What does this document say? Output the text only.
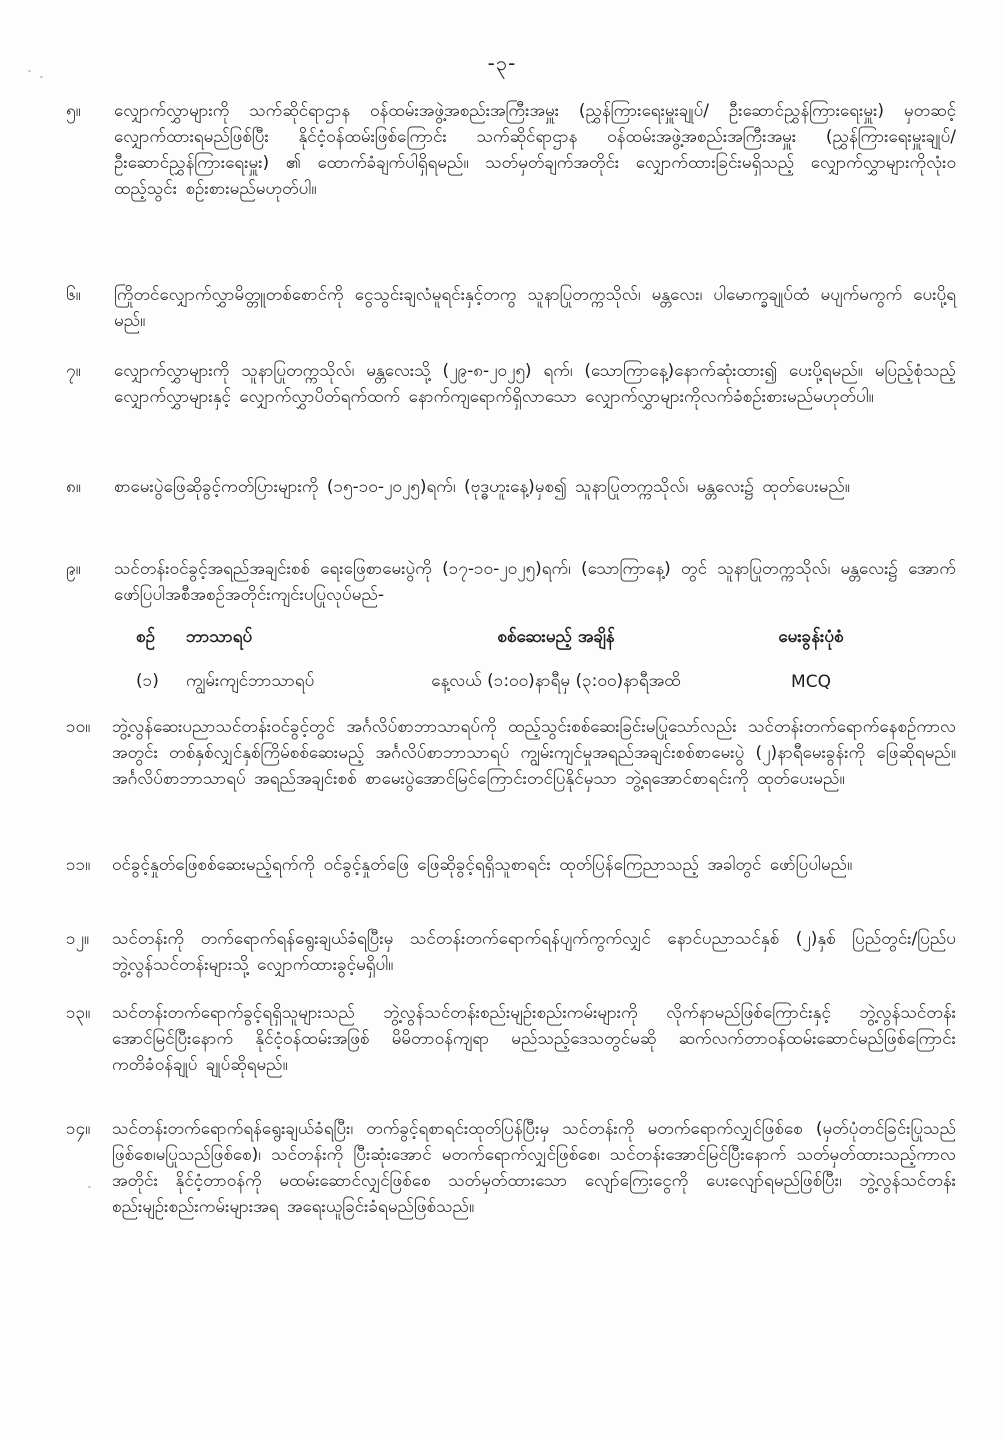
-၃-
၅။	လျှောက်လွှာများကို သက်ဆိုင်ရာဌာန ဝန်ထမ်းအဖွဲ့အစည်းအကြီးအမှူး (ညွှန်ကြားရေးမှူးချုပ်/ ဦးဆောင်ညွှန်ကြားရေးမှူး) မှတဆင့် လျှောက်ထားရမည်ဖြစ်ပြီး နိုင်ငံ့ဝန်ထမ်းဖြစ်ကြောင်း သက်ဆိုင်ရာဌာန ဝန်ထမ်းအဖွဲ့အစည်းအကြီးအမှူး (ညွှန်ကြားရေးမှူးချုပ်/ ဦးဆောင်ညွှန်ကြားရေးမှူး) ၏ ထောက်ခံချက်ပါရှိရမည်။ သတ်မှတ်ချက်အတိုင်း လျှောက်ထားခြင်းမရှိသည့် လျှောက်လွှာများကိုလုံးဝထည့်သွင်း စဉ်းစားမည်မဟုတ်ပါ။
၆။	ကြိုတင်လျှောက်လွှာမိတ္တူတစ်စောင်ကို ငွေသွင်းချလံမူရင်းနှင့်တကွ သူနာပြုတက္ကသိုလ်၊ မန္တလေး၊ ပါမောက္ခချုပ်ထံ မပျက်မကွက် ပေးပို့ရမည်။
၇။	လျှောက်လွှာများကို သူနာပြုတက္ကသိုလ်၊ မန္တလေးသို့ (၂၉-၈-၂၀၂၅) ရက်၊ (သောကြာနေ့)နောက်ဆုံးထား၍ ပေးပို့ရမည်။ မပြည့်စုံသည့်လျှောက်လွှာများနှင့် လျှောက်လွှာပိတ်ရက်ထက် နောက်ကျရောက်ရှိလာသော လျှောက်လွှာများကိုလက်ခံစဉ်းစားမည်မဟုတ်ပါ။
၈။	စာမေးပွဲဖြေဆိုခွင့်ကတ်ပြားများကို (၁၅-၁၀-၂၀၂၅)ရက်၊ (ဗုဒ္ဓဟူးနေ့)မှစ၍ သူနာပြုတက္ကသိုလ်၊ မန္တလေး၌ ထုတ်ပေးမည်။
၉။	သင်တန်းဝင်ခွင့်အရည်အချင်းစစ် ရေးဖြေစာမေးပွဲကို (၁၇-၁၀-၂၀၂၅)ရက်၊ (သောကြာနေ့) တွင် သူနာပြုတက္ကသိုလ်၊ မန္တလေး၌ အောက်ဖော်ပြပါအစီအစဉ်အတိုင်းကျင်းပပြုလုပ်မည်-
စဉ်	ဘာသာရပ်	စစ်ဆေးမည့် အချိန်	မေးခွန်းပုံစံ
(၁)	ကျွမ်းကျင်ဘာသာရပ်	နေ့လယ် (၁:၀၀)နာရီမှ (၃:၀၀)နာရီအထိ	MCQ
၁၀။	ဘွဲ့လွန်ဆေးပညာသင်တန်းဝင်ခွင့်တွင် အင်္ဂလိပ်စာဘာသာရပ်ကို ထည့်သွင်းစစ်ဆေးခြင်းမပြုသော်လည်း သင်တန်းတက်ရောက်နေစဉ်ကာလအတွင်း တစ်နှစ်လျှင်နှစ်ကြိမ်စစ်ဆေးမည့် အင်္ဂလိပ်စာဘာသာရပ် ကျွမ်းကျင်မှုအရည်အချင်းစစ်စာမေးပွဲ (၂)နာရီမေးခွန်းကို ဖြေဆိုရမည်။ အင်္ဂလိပ်စာဘာသာရပ် အရည်အချင်းစစ် စာမေးပွဲအောင်မြင်ကြောင်းတင်ပြနိုင်မှသာ ဘွဲ့ရအောင်စာရင်းကို ထုတ်ပေးမည်။
၁၁။	ဝင်ခွင့်နှုတ်ဖြေစစ်ဆေးမည့်ရက်ကို ဝင်ခွင့်နှုတ်ဖြေ ဖြေဆိုခွင့်ရရှိသူစာရင်း ထုတ်ပြန်ကြေညာသည့် အခါတွင် ဖော်ပြပါမည်။
၁၂။	သင်တန်းကို တက်ရောက်ရန်ရွေးချယ်ခံရပြီးမှ သင်တန်းတက်ရောက်ရန်ပျက်ကွက်လျှင် နောင်ပညာသင်နှစ် (၂)နှစ် ပြည်တွင်း/ပြည်ပဘွဲ့လွန်သင်တန်းများသို့ လျှောက်ထားခွင့်မရှိပါ။
၁၃။	သင်တန်းတက်ရောက်ခွင့်ရရှိသူများသည် ဘွဲ့လွန်သင်တန်းစည်းမျဉ်းစည်းကမ်းများကို လိုက်နာမည်ဖြစ်ကြောင်းနှင့် ဘွဲ့လွန်သင်တန်းအောင်မြင်ပြီးနောက် နိုင်ငံ့ဝန်ထမ်းအဖြစ် မိမိတာဝန်ကျရာ မည်သည့်ဒေသတွင်မဆို ဆက်လက်တာဝန်ထမ်းဆောင်မည်ဖြစ်ကြောင်း ကတိခံဝန်ချုပ် ချုပ်ဆိုရမည်။
၁၄။	သင်တန်းတက်ရောက်ရန်ရွေးချယ်ခံရပြီး၊ တက်ခွင့်ရစာရင်းထုတ်ပြန်ပြီးမှ သင်တန်းကို မတက်ရောက်လျှင်ဖြစ်စေ (မှတ်ပုံတင်ခြင်းပြုသည်ဖြစ်စေ၊မပြုသည်ဖြစ်စေ)၊ သင်တန်းကို ပြီးဆုံးအောင် မတက်ရောက်လျှင်ဖြစ်စေ၊ သင်တန်းအောင်မြင်ပြီးနောက် သတ်မှတ်ထားသည့်ကာလအတိုင်း နိုင်ငံ့တာဝန်ကို မထမ်းဆောင်လျှင်ဖြစ်စေ သတ်မှတ်ထားသော လျော်ကြေးငွေကို ပေးလျော်ရမည်ဖြစ်ပြီး၊ ဘွဲ့လွန်သင်တန်းစည်းမျဉ်းစည်းကမ်းများအရ အရေးယူခြင်းခံရမည်ဖြစ်သည်။
